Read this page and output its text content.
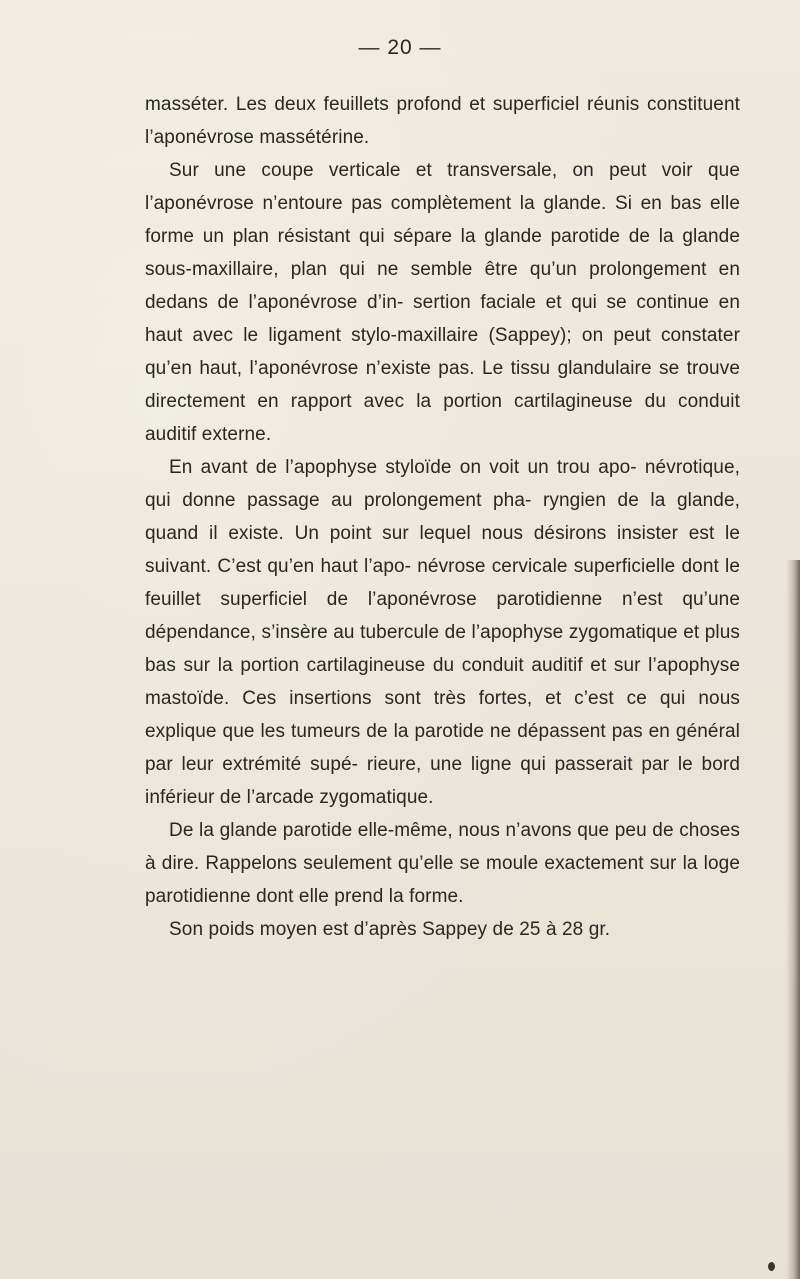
— 20 —

masséter. Les deux feuillets profond et superficiel réunis constituent l’aponévrose massétérine.

Sur une coupe verticale et transversale, on peut voir que l’aponévrose n’entoure pas complètement la glande. Si en bas elle forme un plan résistant qui sépare la glande parotide de la glande sous-maxillaire, plan qui ne semble être qu’un prolongement en dedans de l’aponévrose d’in- sertion faciale et qui se continue en haut avec le ligament stylo-maxillaire (Sappey); on peut constater qu’en haut, l’aponévrose n’existe pas. Le tissu glandulaire se trouve directement en rapport avec la portion cartilagineuse du conduit auditif externe.

En avant de l’apophyse styloïde on voit un trou apo- névrotique, qui donne passage au prolongement pha- ryngien de la glande, quand il existe. Un point sur lequel nous désirons insister est le suivant. C’est qu’en haut l’apo- névrose cervicale superficielle dont le feuillet superficiel de l’aponévrose parotidienne n’est qu’une dépendance, s’insère au tubercule de l’apophyse zygomatique et plus bas sur la portion cartilagineuse du conduit auditif et sur l’apophyse mastoïde. Ces insertions sont très fortes, et c’est ce qui nous explique que les tumeurs de la parotide ne dépassent pas en général par leur extrémité supé- rieure, une ligne qui passerait par le bord inférieur de l’arcade zygomatique.

De la glande parotide elle-même, nous n’avons que peu de choses à dire. Rappelons seulement qu’elle se moule exactement sur la loge parotidienne dont elle prend la forme.

Son poids moyen est d’après Sappey de 25 à 28 gr.
